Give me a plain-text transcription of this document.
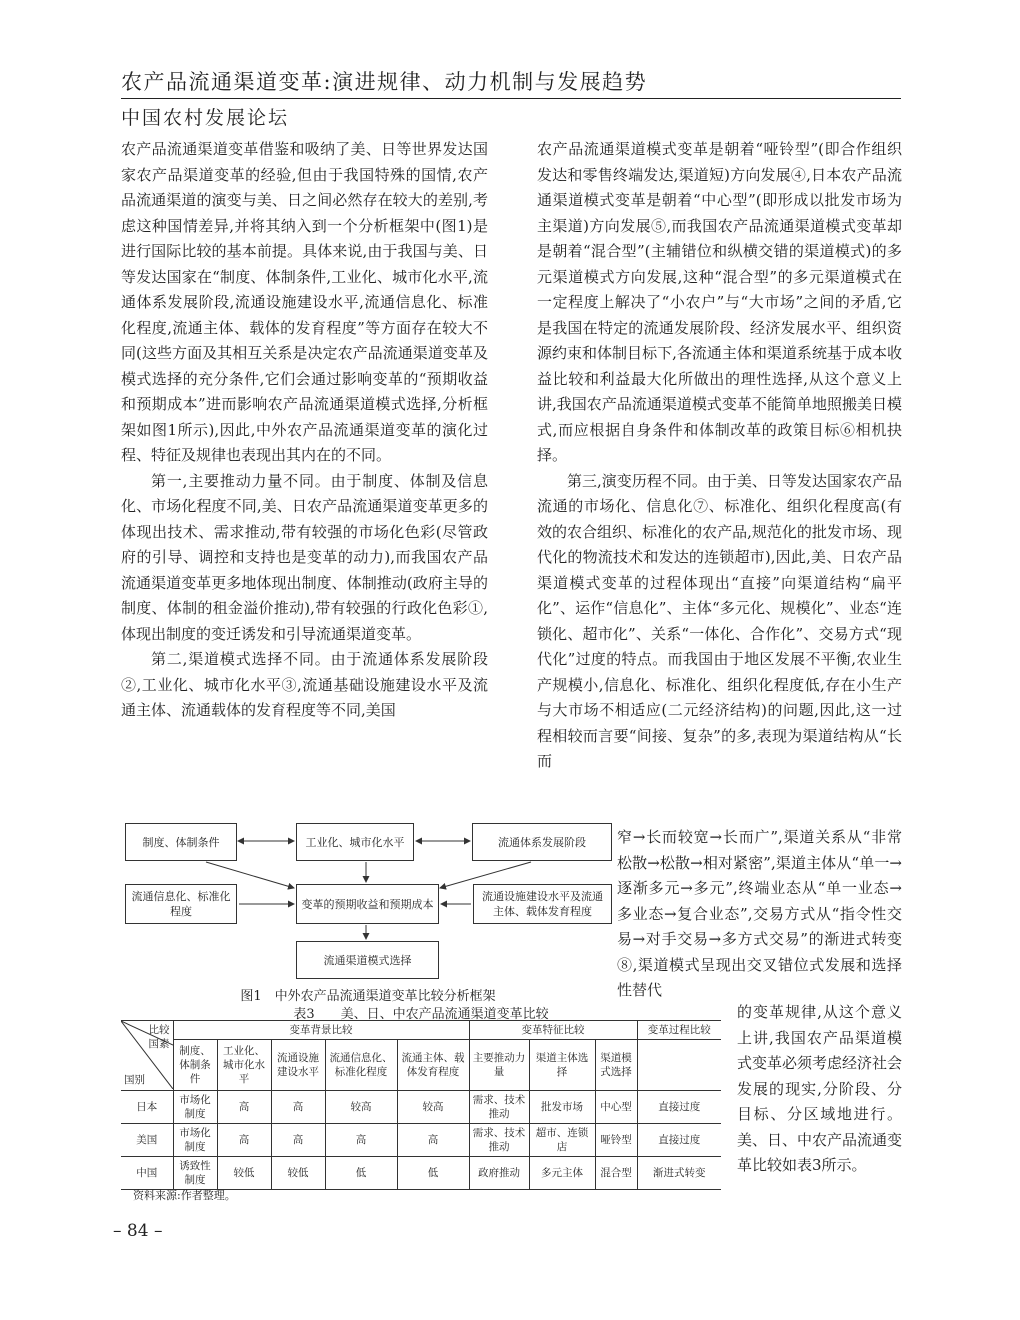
农产品流通渠道变革:演进规律、动力机制与发展趋势
中国农村发展论坛

农产品流通渠道变革借鉴和吸纳了美、日等世界发达国家农产品渠道变革的经验,但由于我国特殊的国情,农产品流通渠道的演变与美、日之间必然存在较大的差别,考虑这种国情差异,并将其纳入到一个分析框架中(图1)是进行国际比较的基本前提。具体来说,由于我国与美、日等发达国家在“制度、体制条件,工业化、城市化水平,流通体系发展阶段,流通设施建设水平,流通信息化、标准化程度,流通主体、载体的发育程度”等方面存在较大不同(这些方面及其相互关系是决定农产品流通渠道变革及模式选择的充分条件,它们会通过影响变革的“预期收益和预期成本”进而影响农产品流通渠道模式选择,分析框架如图1所示),因此,中外农产品流通渠道变革的演化过程、特征及规律也表现出其内在的不同。

第一,主要推动力量不同。由于制度、体制及信息化、市场化程度不同,美、日农产品流通渠道变革更多的体现出技术、需求推动,带有较强的市场化色彩(尽管政府的引导、调控和支持也是变革的动力),而我国农产品流通渠道变革更多地体现出制度、体制推动(政府主导的制度、体制的租金溢价推动),带有较强的行政化色彩①,体现出制度的变迁诱发和引导流通渠道变革。

第二,渠道模式选择不同。由于流通体系发展阶段②,工业化、城市化水平③,流通基础设施建设水平及流通主体、流通载体的发育程度等不同,美国

农产品流通渠道模式变革是朝着“哑铃型”(即合作组织发达和零售终端发达,渠道短)方向发展④,日本农产品流通渠道模式变革是朝着“中心型”(即形成以批发市场为主渠道)方向发展⑤,而我国农产品流通渠道模式变革却是朝着“混合型”(主辅错位和纵横交错的渠道模式)的多元渠道模式方向发展,这种“混合型”的多元渠道模式在一定程度上解决了“小农户”与“大市场”之间的矛盾,它是我国在特定的流通发展阶段、经济发展水平、组织资源约束和体制目标下,各流通主体和渠道系统基于成本收益比较和利益最大化所做出的理性选择,从这个意义上讲,我国农产品流通渠道模式变革不能简单地照搬美日模式,而应根据自身条件和体制改革的政策目标⑥相机抉择。

第三,演变历程不同。由于美、日等发达国家农产品流通的市场化、信息化⑦、标准化、组织化程度高(有效的农合组织、标准化的农产品,规范化的批发市场、现代化的物流技术和发达的连锁超市),因此,美、日农产品渠道模式变革的过程体现出“直接”向渠道结构“扁平化”、运作“信息化”、主体“多元化、规模化”、业态“连锁化、超市化”、关系“一体化、合作化”、交易方式“现代化”过度的特点。而我国由于地区发展不平衡,农业生产规模小,信息化、标准化、组织化程度低,存在小生产与大市场不相适应(二元经济结构)的问题,因此,这一过程相较而言要“间接、复杂”的多,表现为渠道结构从“长而

窄→长而较宽→长而广”,渠道关系从“非常松散→松散→相对紧密”,渠道主体从“单一→逐渐多元→多元”,终端业态从“单一业态→多业态→复合业态”,交易方式从“指令性交易→对手交易→多方式交易”的渐进式转变⑧,渠道模式呈现出交叉错位式发展和选择性替代

的变革规律,从这个意义上讲,我国农产品渠道模式变革必须考虑经济社会发展的现实,分阶段、分目标、分区域地进行。美、日、中农产品流通变革比较如表3所示。

制度、体制条件	工业化、城市化水平	流通体系发展阶段
流通信息化、标准化程度
变革的预期收益和预期成本
流通设施建设水平及流通主体、载体发育程度
流通渠道模式选择
图1　中外农产品流通渠道变革比较分析框架
表3　　美、日、中农产品流通渠道变革比较
比较
国素
国别	变革背景比较					变革特征比较			变革过程比较
	制度、体制条件	工业化、城市化水平	流通设施建设水平	流通信息化、标准化程度	流通主体、载体发育程度	主要推动力量	渠道主体选择	渠道模式选择	
日本	市场化制度	高	高	较高	较高	需求、技术推动	批发市场	中心型	直接过度
美国	市场化制度	高	高	高	高	需求、技术推动	超市、连锁店	哑铃型	直接过度
中国	诱致性制度	较低	较低	低	低	政府推动	多元主体	混合型	渐进式转变
资料来源:作者整理。
– 84 –
